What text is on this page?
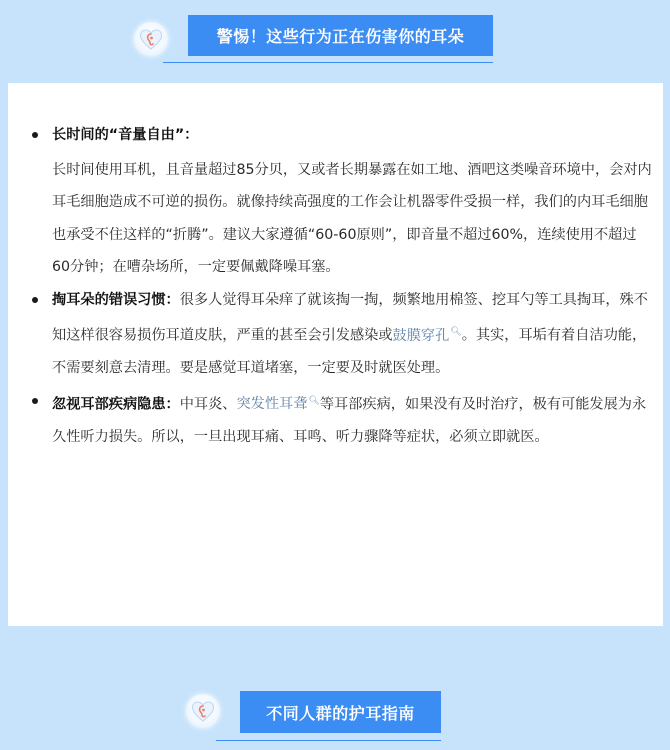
警惕！这些行为正在伤害你的耳朵
长时间的“音量自由”：
长时间使用耳机，且音量超过85分贝，又或者长期暴露在如工地、酒吧这类噪音环境中，会对内耳毛细胞造成不可逆的损伤。就像持续高强度的工作会让机器零件受损一样，我们的内耳毛细胞也承受不住这样的“折腾”。建议大家遵循“60-60原则”，即音量不超过60%，连续使用不超过60分钟；在嘈杂场所，一定要佩戴降噪耳塞。
掏耳朵的错误习惯：很多人觉得耳朵痒了就该掏一掏，频繁地用棉签、挖耳勺等工具掏耳，殊不知这样很容易损伤耳道皮肤，严重的甚至会引发感染或鼓膜穿孔🔍︎。其实，耳垢有着自洁功能，不需要刻意去清理。要是感觉耳道堵塞，一定要及时就医处理。
忽视耳部疾病隐患：中耳炎、突发性耳聋🔍︎等耳部疾病，如果没有及时治疗，极有可能发展为永久性听力损失。所以，一旦出现耳痛、耳鸣、听力骤降等症状，必须立即就医。
不同人群的护耳指南
